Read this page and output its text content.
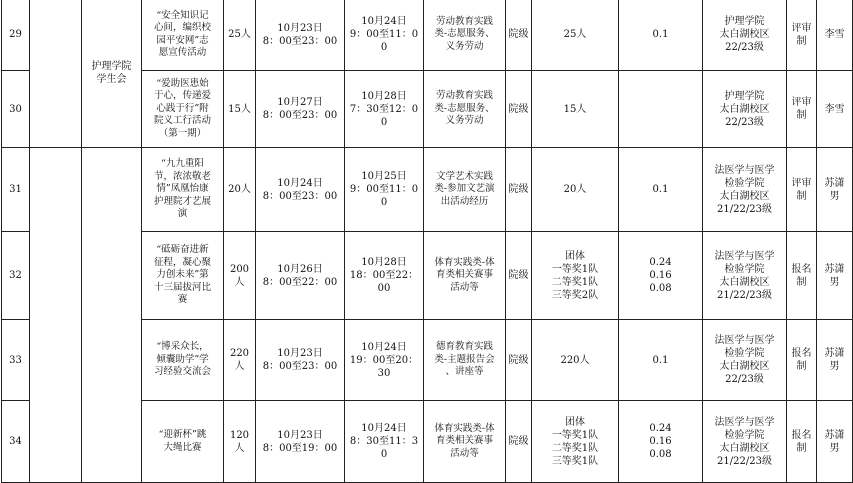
29		护理学院
学生会	“安全知识记
心间，编织校
园平安网”志
愿宣传活动	25人	10月23日
8：00至23：00	10月24日
9：00至11：00	劳动教育实践
类-志愿服务、
义务劳动	院级	25人	0.1	护理学院
太白湖校区
22/23级	评审
制	李雪

30			“爱助医患始
于心，传递爱
心践于行”附
院义工行活动
（第一期）	15人	10月27日
8：00至23：00	10月28日
7：30至12：00	劳动教育实践
类-志愿服务、
义务劳动	院级	15人		护理学院
太白湖校区
22/23级	评审
制	李雪

31			“九九重阳
节，浓浓敬老
情”凤凰怡康
护理院才艺展
演	20人	10月24日
8：00至23：00	10月25日
9：00至11：00	文学艺术实践
类-参加文艺演
出活动经历	院级	20人	0.1	法医学与医学
检验学院
太白湖校区
21/22/23级	评审
制	苏潇
男

32			“砥砺奋进新
征程，凝心聚
力创未来”第
十三届拔河比
赛	200人	10月26日
8：00至22：00	10月28日
18：00至22：00	体育实践类-体
育类相关赛事
活动等	院级	团体
一等奖1队
二等奖1队
三等奖2队	0.24
0.16
0.08	法医学与医学
检验学院
太白湖校区
21/22/23级	报名
制	苏潇
男

33			“博采众长，
倾囊助学”学
习经验交流会	220人	10月23日
8：00至23：00	10月24日
19：00至20：30	德育教育实践
类-主题报告会
、讲座等	院级	220人	0.1	法医学与医学
检验学院
太白湖校区
22/23级	报名
制	苏潇
男

34			“迎新杯”跳
大绳比赛	120人	10月23日
8：00至19：00	10月24日
8：30至11：30	体育实践类-体
育类相关赛事
活动等	院级	团体
一等奖1队
二等奖1队
三等奖1队	0.24
0.16
0.08	法医学与医学
检验学院
太白湖校区
21/22/23级	报名
制	苏潇
男
